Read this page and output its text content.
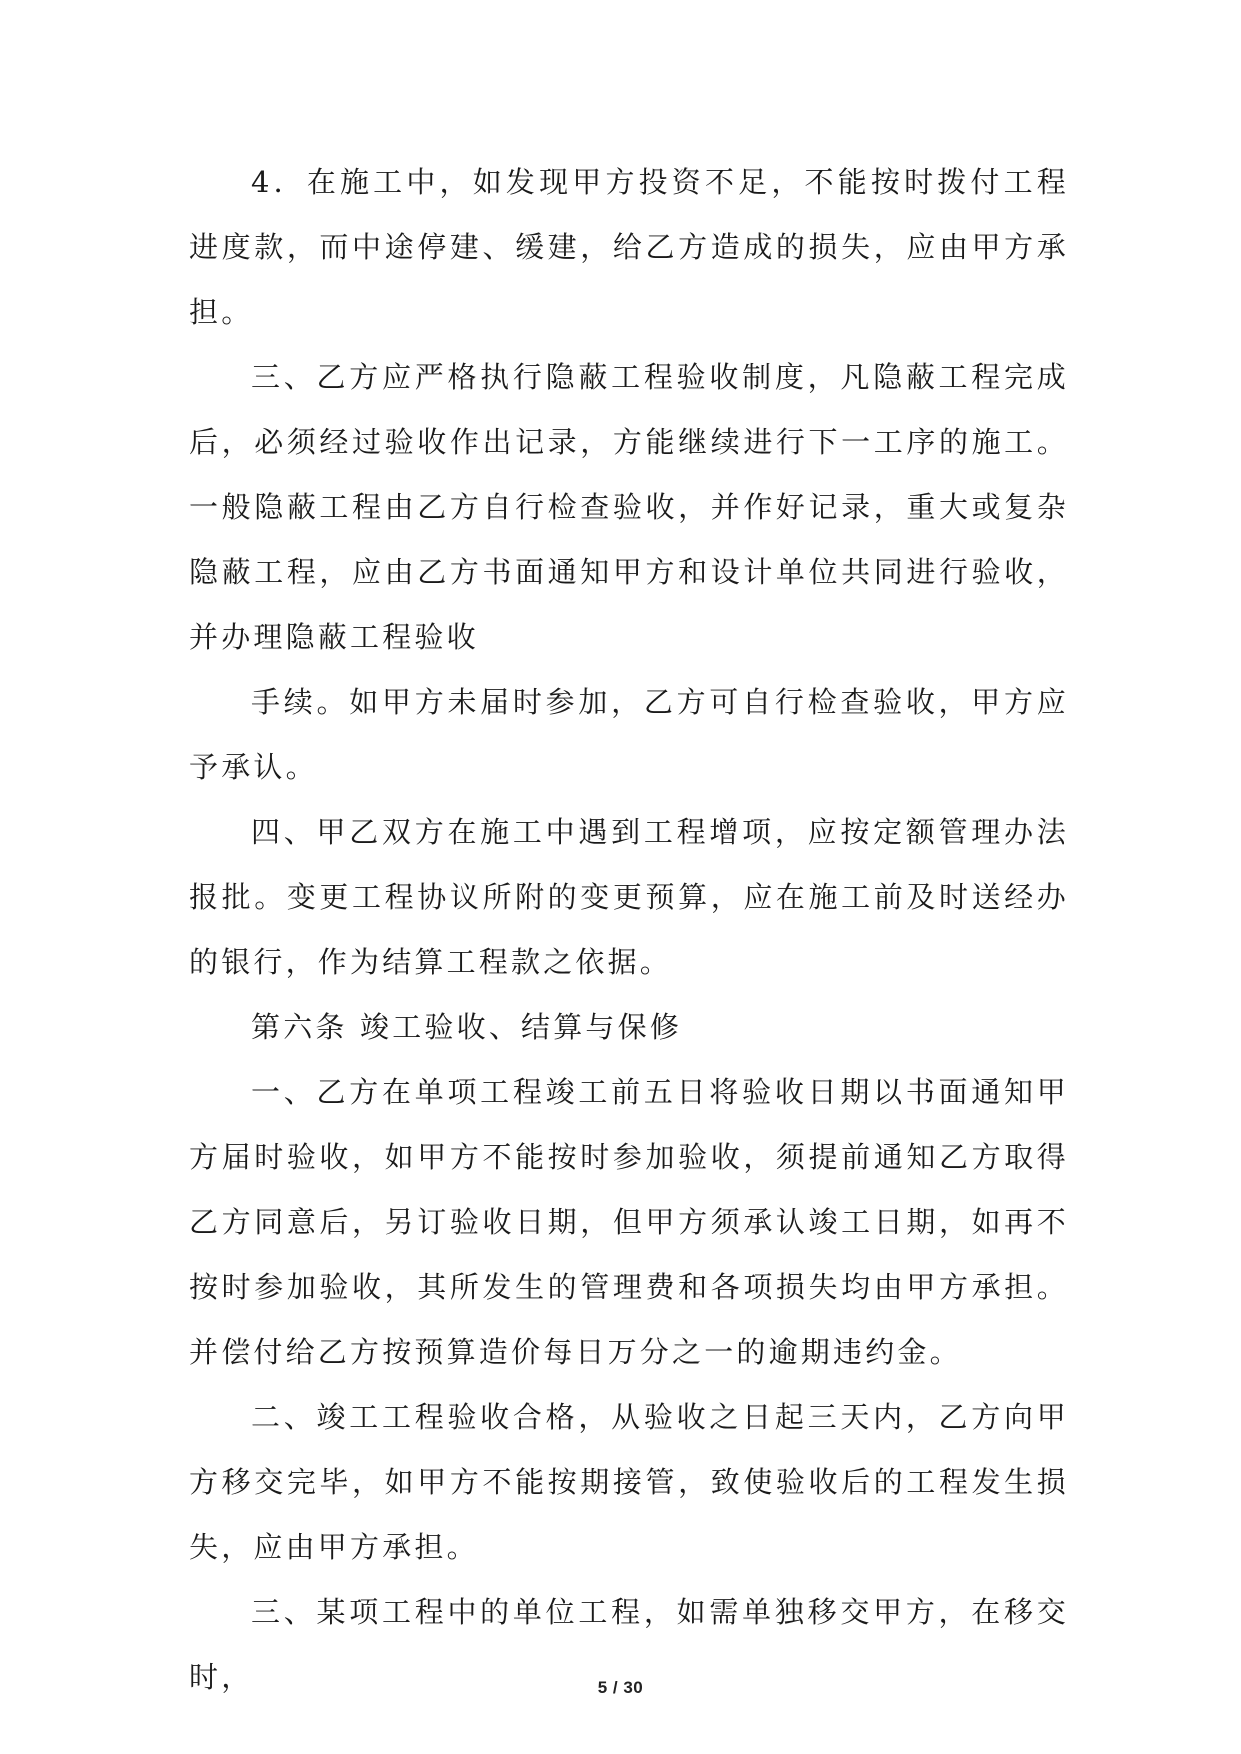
4．在施工中，如发现甲方投资不足，不能按时拨付工程进度款，而中途停建、缓建，给乙方造成的损失，应由甲方承担。

三、乙方应严格执行隐蔽工程验收制度，凡隐蔽工程完成后，必须经过验收作出记录，方能继续进行下一工序的施工。一般隐蔽工程由乙方自行检查验收，并作好记录，重大或复杂隐蔽工程，应由乙方书面通知甲方和设计单位共同进行验收，并办理隐蔽工程验收

手续。如甲方未届时参加，乙方可自行检查验收，甲方应予承认。

四、甲乙双方在施工中遇到工程增项，应按定额管理办法报批。变更工程协议所附的变更预算，应在施工前及时送经办的银行，作为结算工程款之依据。

第六条 竣工验收、结算与保修

一、乙方在单项工程竣工前五日将验收日期以书面通知甲方届时验收，如甲方不能按时参加验收，须提前通知乙方取得乙方同意后，另订验收日期，但甲方须承认竣工日期，如再不按时参加验收，其所发生的管理费和各项损失均由甲方承担。并偿付给乙方按预算造价每日万分之一的逾期违约金。

二、竣工工程验收合格，从验收之日起三天内，乙方向甲方移交完毕，如甲方不能按期接管，致使验收后的工程发生损失，应由甲方承担。

三、某项工程中的单位工程，如需单独移交甲方，在移交时，	5 / 30
